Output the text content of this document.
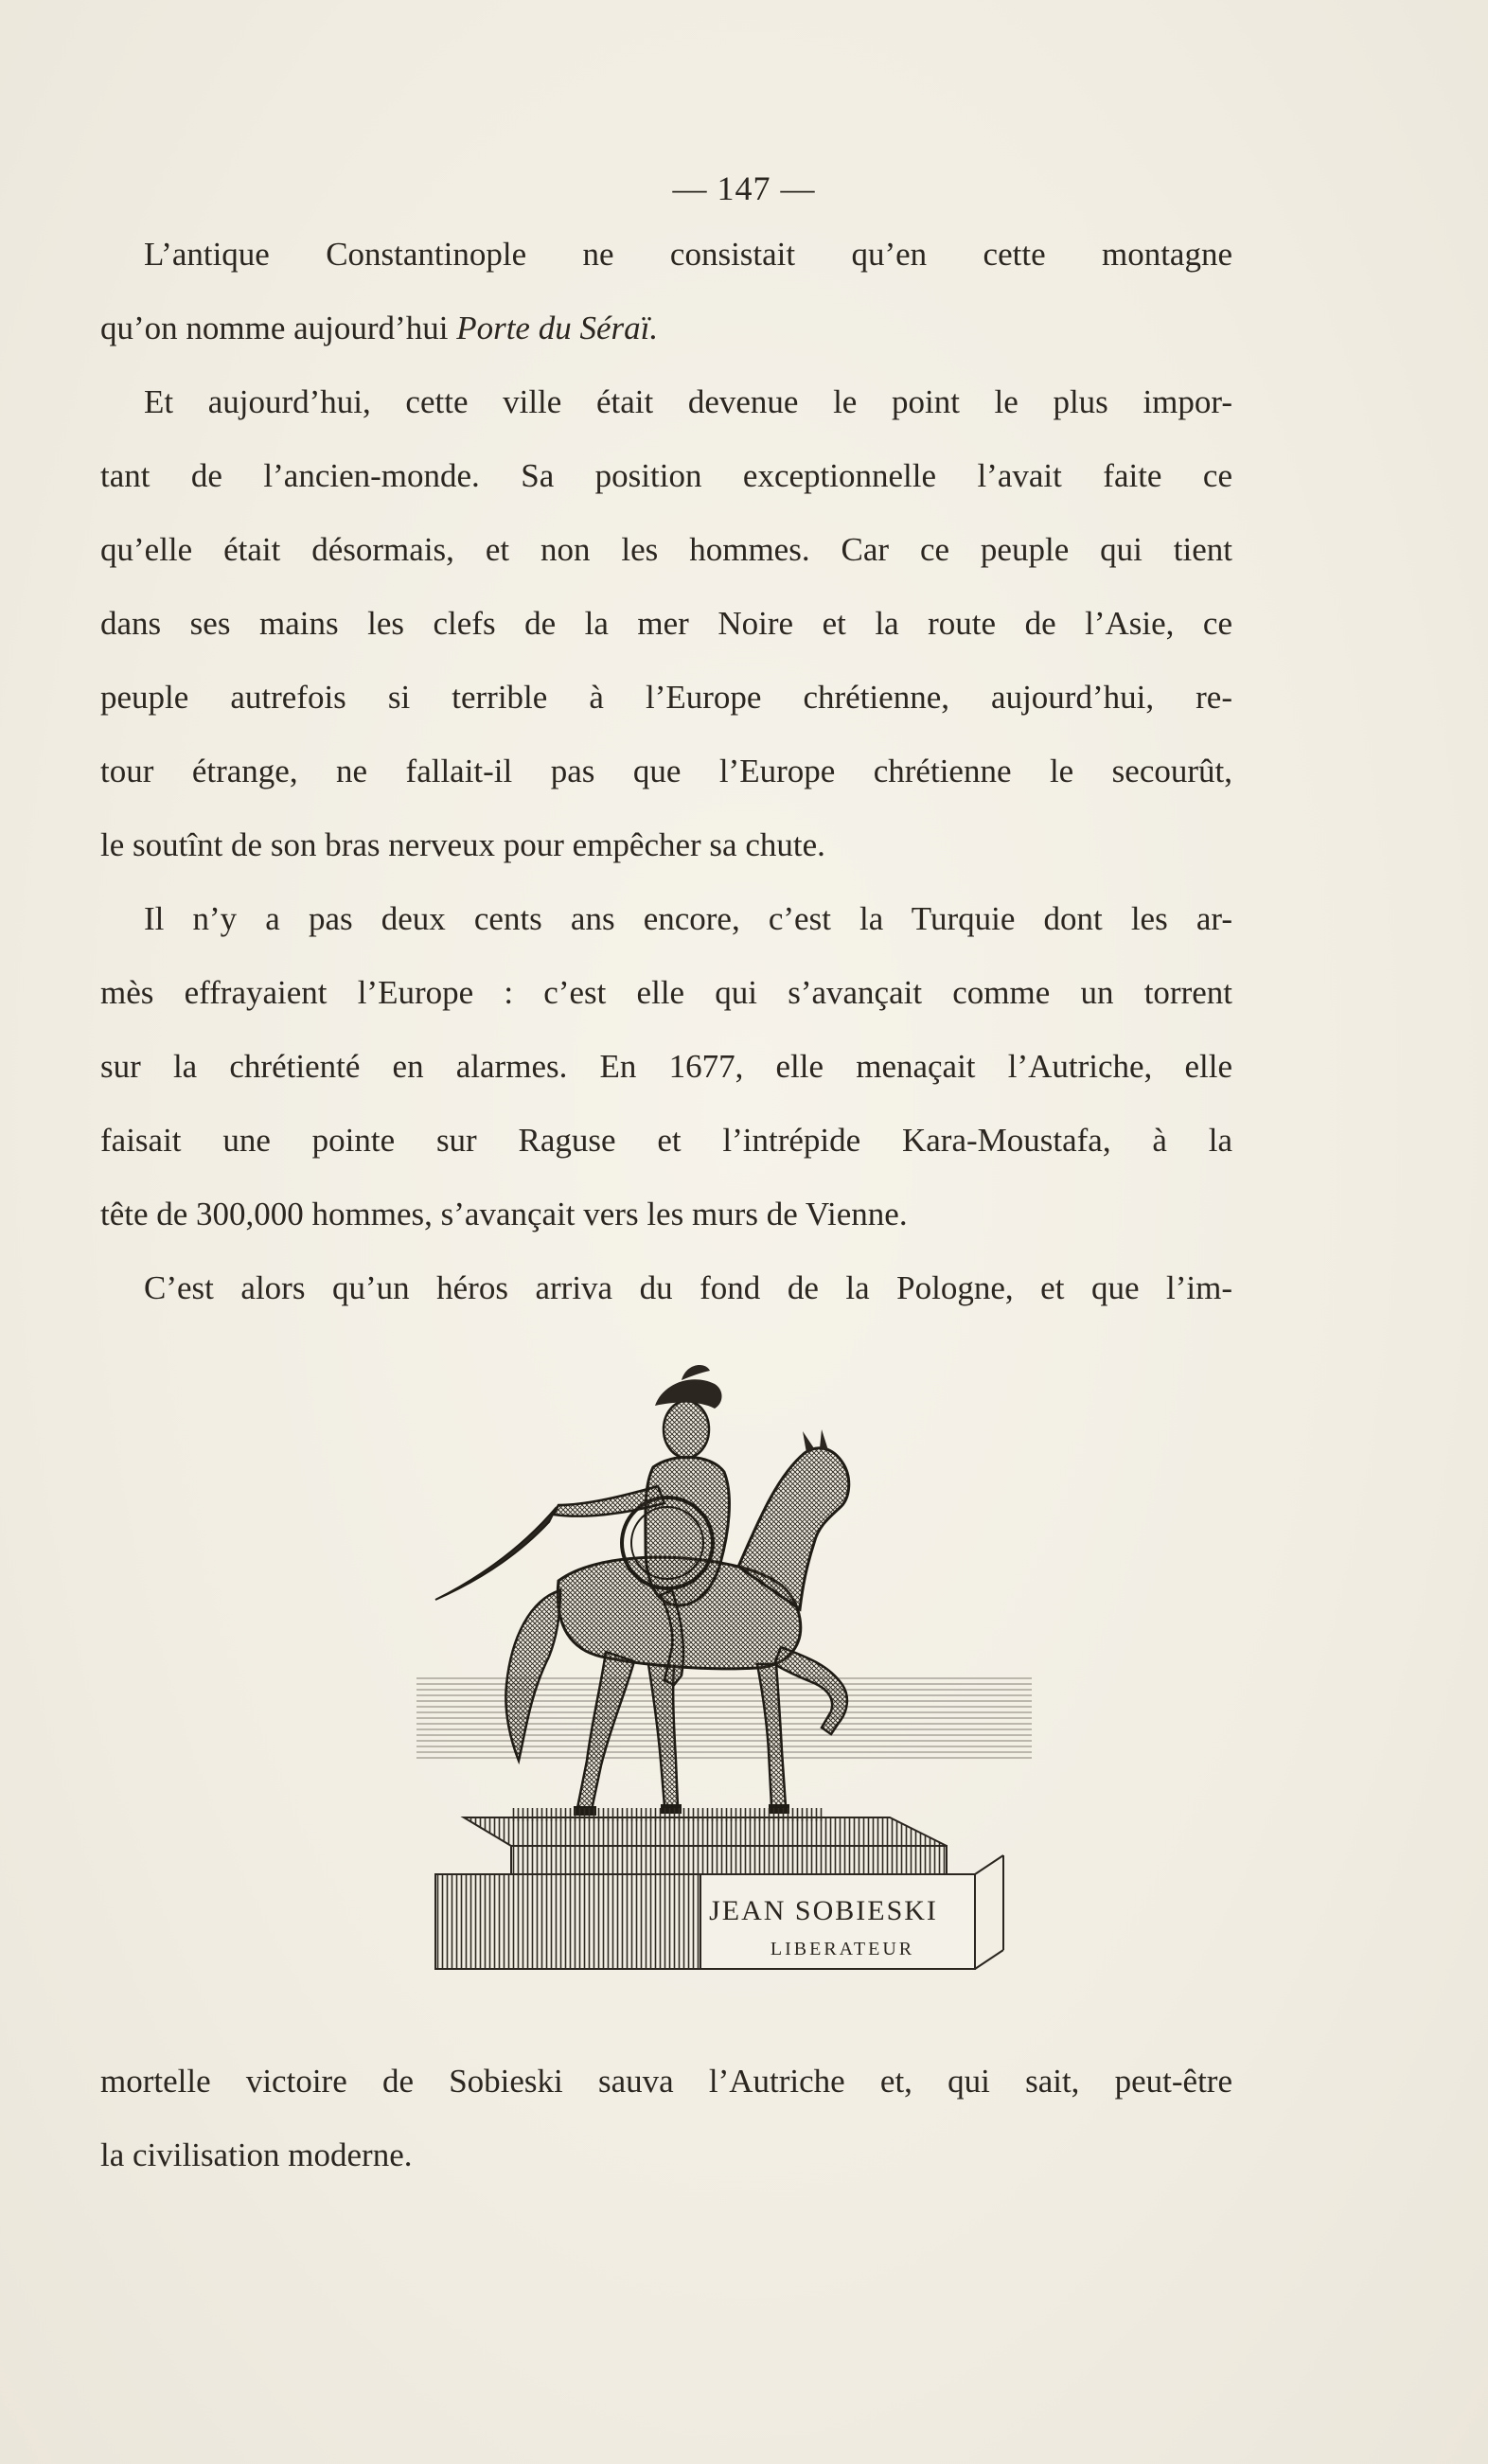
— 147 —
L’antique Constantinople ne consistait qu’en cette montagne
qu’on nomme aujourd’hui Porte du Séraï.
Et aujourd’hui, cette ville était devenue le point le plus impor-
tant de l’ancien-monde. Sa position exceptionnelle l’avait faite ce
qu’elle était désormais, et non les hommes. Car ce peuple qui tient
dans ses mains les clefs de la mer Noire et la route de l’Asie, ce
peuple autrefois si terrible à l’Europe chrétienne, aujourd’hui, re-
tour étrange, ne fallait-il pas que l’Europe chrétienne le secourût,
le soutînt de son bras nerveux pour empêcher sa chute.
Il n’y a pas deux cents ans encore, c’est la Turquie dont les ar-
mès effrayaient l’Europe : c’est elle qui s’avançait comme un torrent
sur la chrétienté en alarmes. En 1677, elle menaçait l’Autriche, elle
faisait une pointe sur Raguse et l’intrépide Kara-Moustafa, à la
tête de 300,000 hommes, s’avançait vers les murs de Vienne.
C’est alors qu’un héros arriva du fond de la Pologne, et que l’im-
JEAN SOBIESKI
LIBERATEUR
mortelle victoire de Sobieski sauva l’Autriche et, qui sait, peut-être
la civilisation moderne.
